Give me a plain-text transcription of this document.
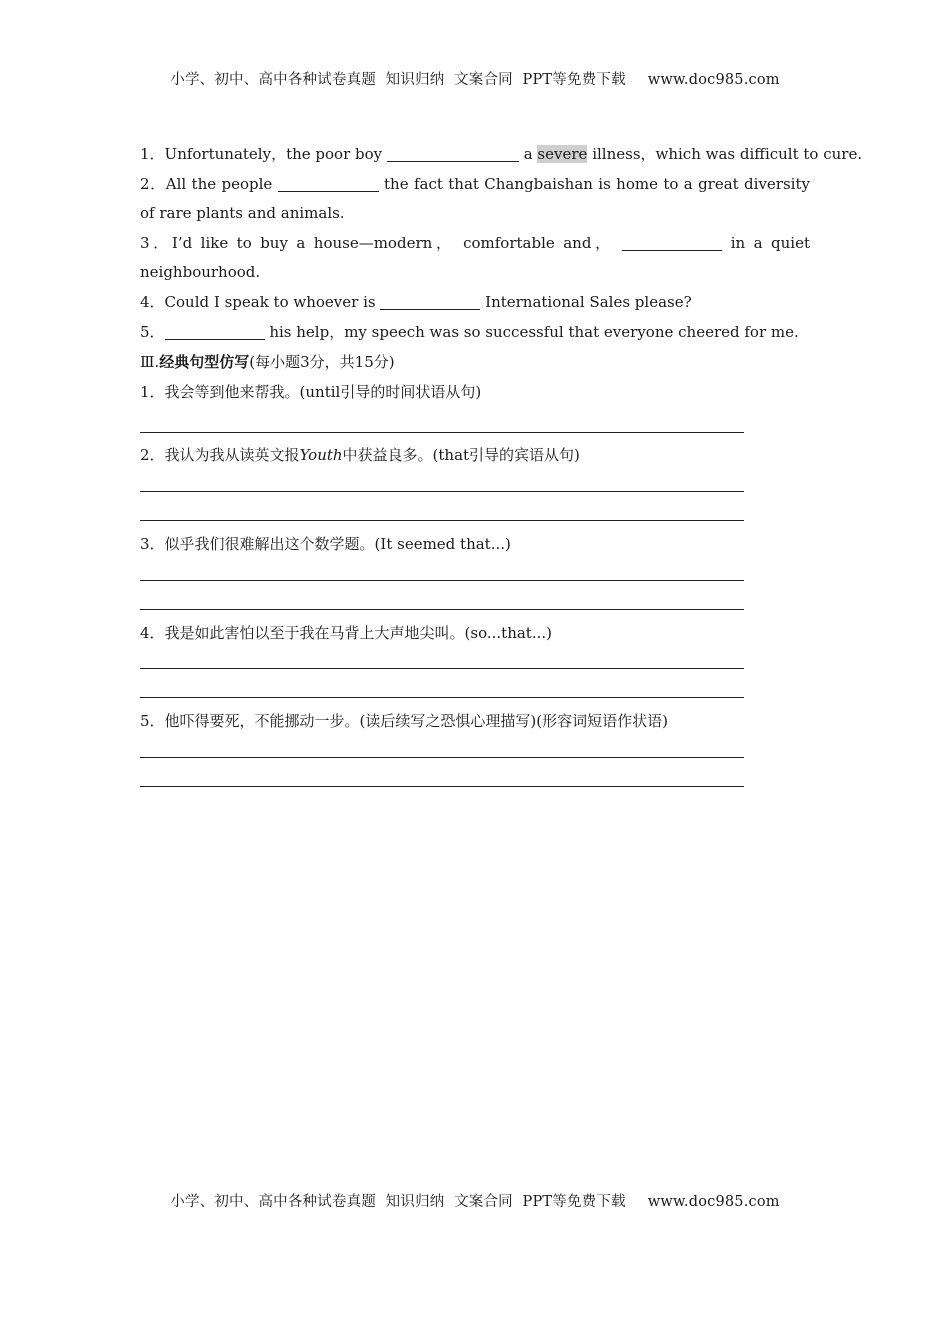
小学、初中、高中各种试卷真题  知识归纳  文案合同  PPT等免费下载 www.doc985.com
1．Unfortunately，the poor boy	a severe illness，which was difficult to cure.
2．All the people	the fact that Changbaishan is home to a great diversity of rare plants and animals.
3．I’d like to buy a house—modern， comfortable and，	in a quiet neighbourhood.
4．Could I speak to whoever is	International Sales please?
5．	his help，my speech was so successful that everyone cheered for me.
Ⅲ.经典句型仿写(每小题3分，共15分)
1．我会等到他来帮我。(until引导的时间状语从句)
2．我认为我从读英文报Youth中获益良多。(that引导的宾语从句)
3．似乎我们很难解出这个数学题。(It seemed that...)
4．我是如此害怕以至于我在马背上大声地尖叫。(so...that...)
5．他吓得要死，不能挪动一步。(读后续写之恐惧心理描写)(形容词短语作状语)
小学、初中、高中各种试卷真题  知识归纳  文案合同  PPT等免费下载 www.doc985.com
